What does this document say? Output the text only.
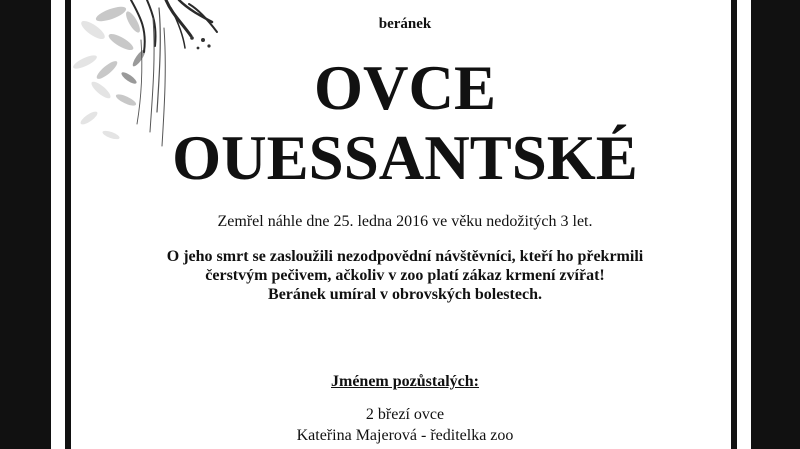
beránek
OVCE
OUESSANTSKÉ
Zemřel náhle dne 25. ledna 2016 ve věku nedožitých 3 let.
O jeho smrt se zasloužili nezodpovědní návštěvníci, kteří ho překrmili
čerstvým pečivem, ačkoliv v zoo platí zákaz krmení zvířat!
Beránek umíral v obrovských bolestech.
Jménem pozůstalých:
2 březí ovce
Kateřina Majerová - ředitelka zoo
